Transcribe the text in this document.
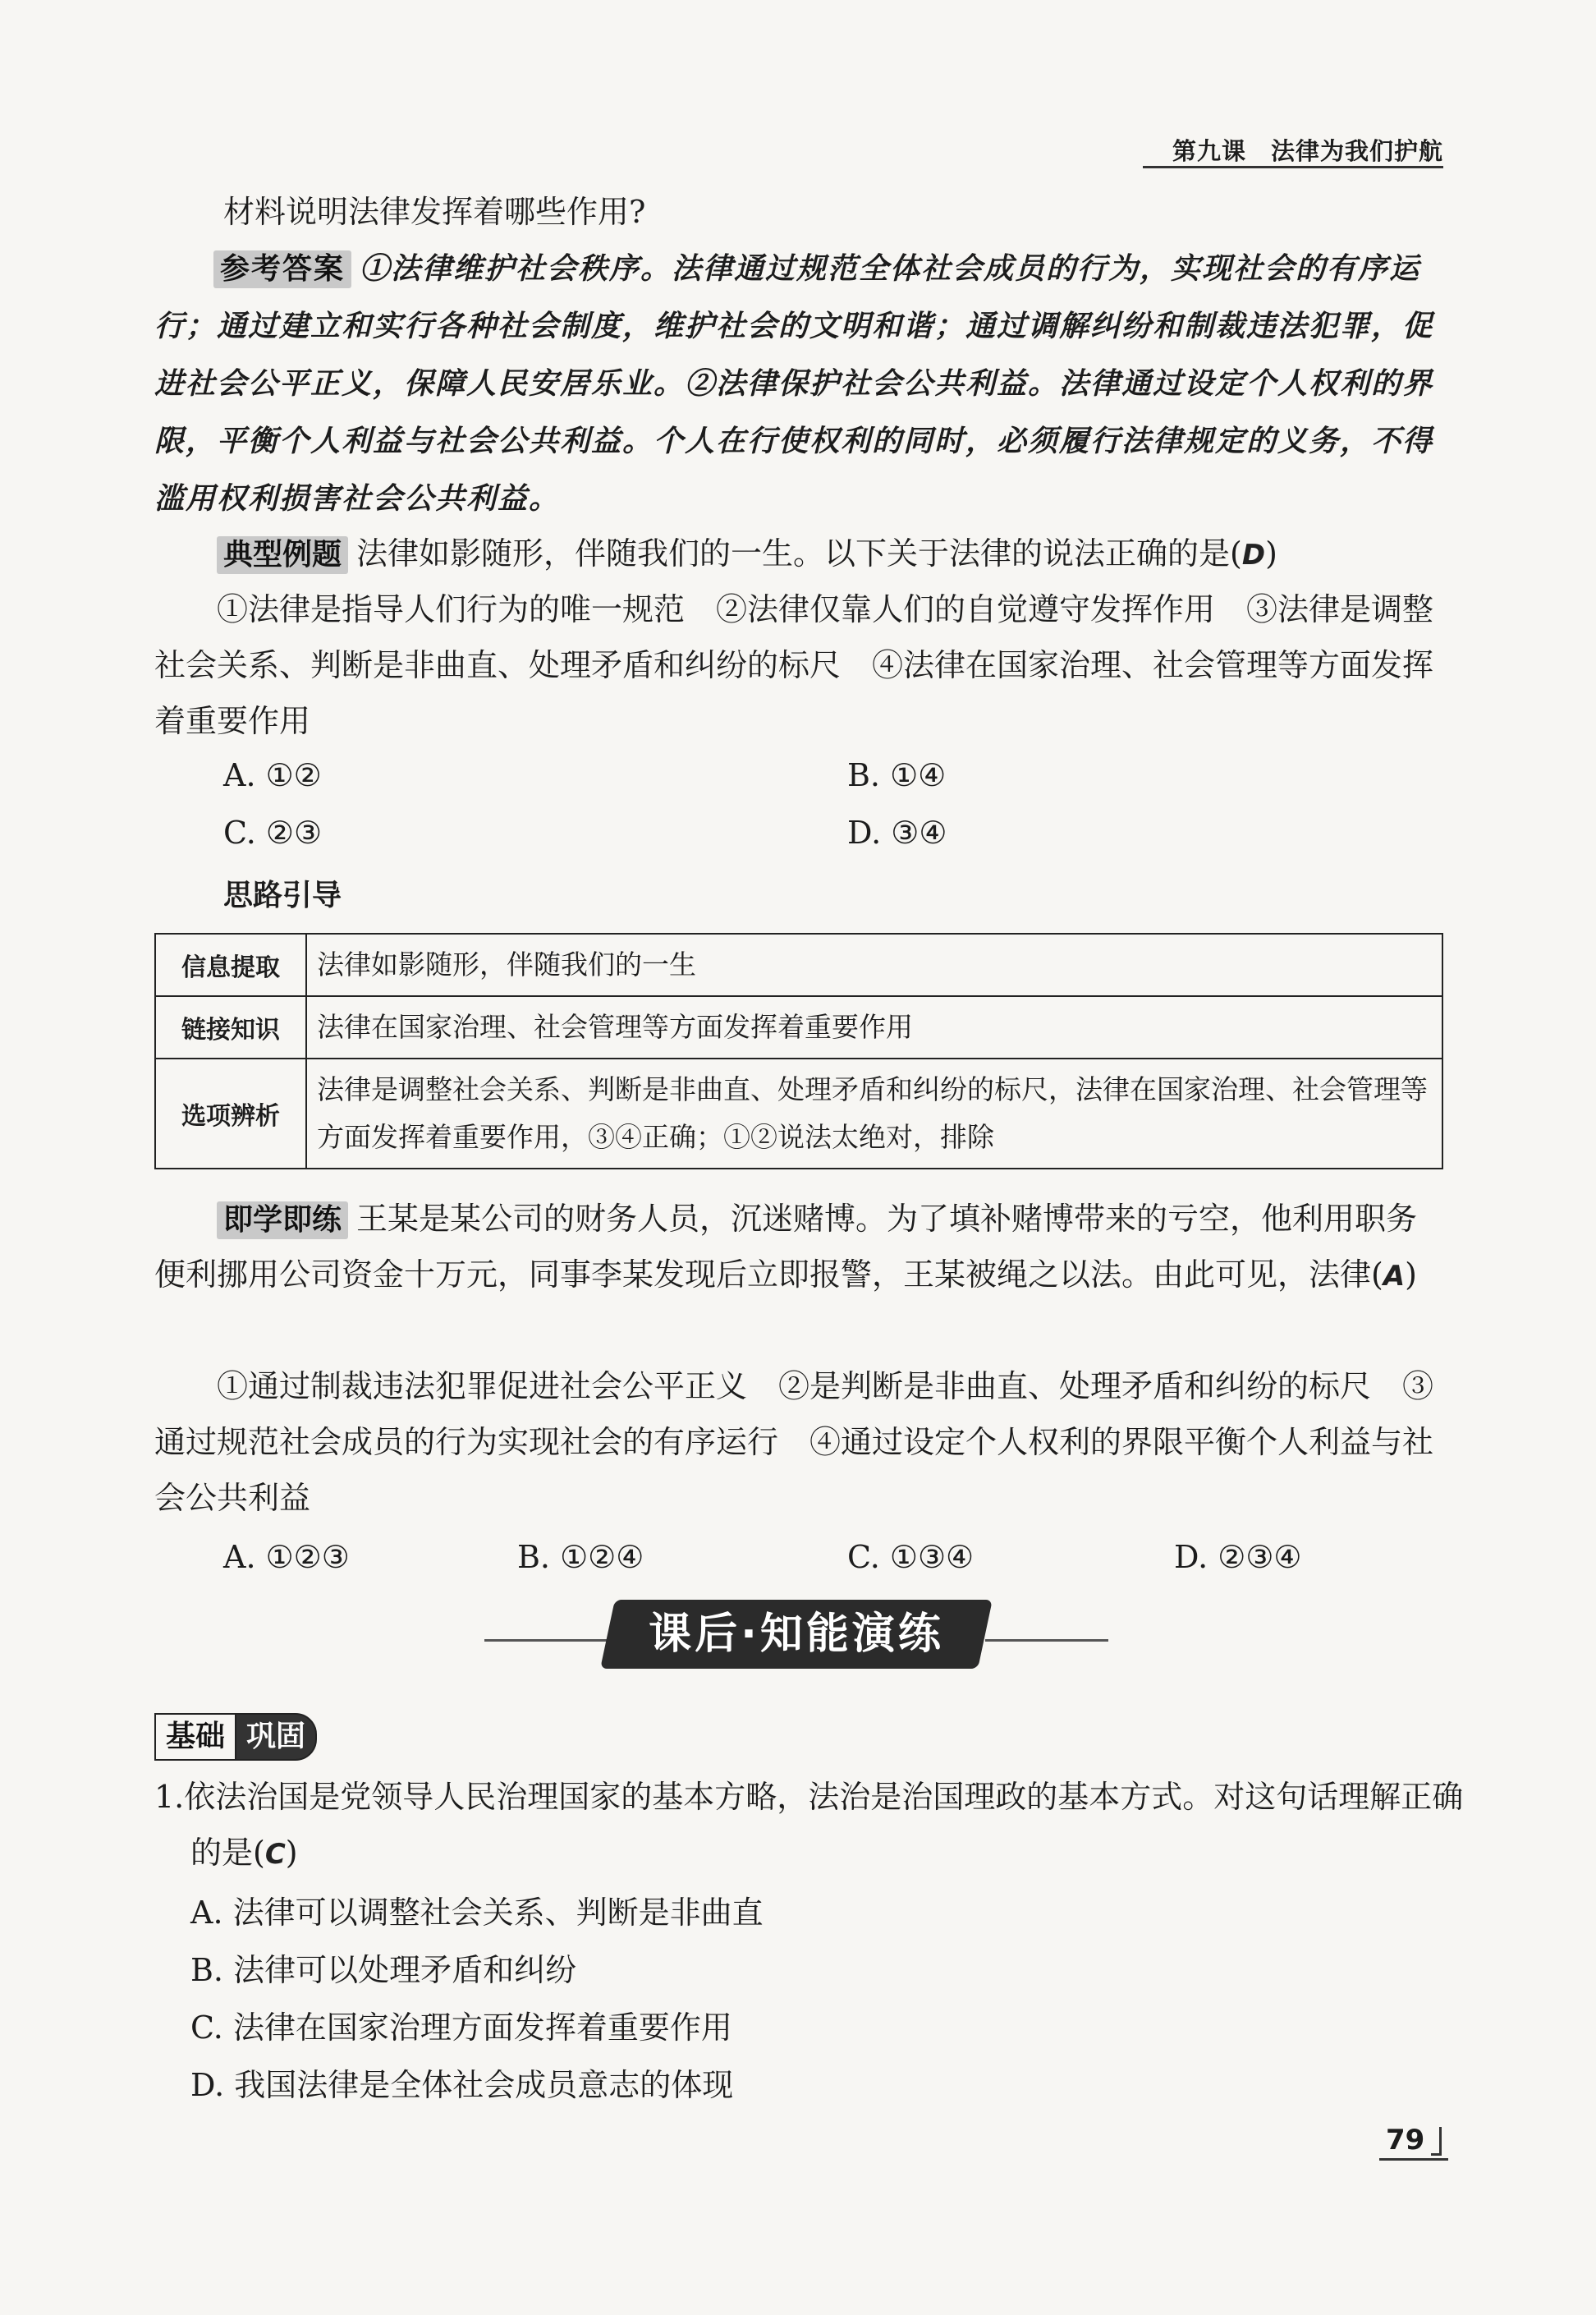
第九课　法律为我们护航
材料说明法律发挥着哪些作用?
参考答案 ①法律维护社会秩序。法律通过规范全体社会成员的行为，实现社会的有序运行；通过建立和实行各种社会制度，维护社会的文明和谐；通过调解纠纷和制裁违法犯罪，促进社会公平正义，保障人民安居乐业。②法律保护社会公共利益。法律通过设定个人权利的界限，平衡个人利益与社会公共利益。个人在行使权利的同时，必须履行法律规定的义务，不得滥用权利损害社会公共利益。
典型例题 法律如影随形，伴随我们的一生。以下关于法律的说法正确的是(D)
①法律是指导人们行为的唯一规范　②法律仅靠人们的自觉遵守发挥作用　③法律是调整社会关系、判断是非曲直、处理矛盾和纠纷的标尺　④法律在国家治理、社会管理等方面发挥着重要作用
A. ①②	B. ①④
C. ②③	D. ③④
思路引导
信息提取	法律如影随形，伴随我们的一生
链接知识	法律在国家治理、社会管理等方面发挥着重要作用
选项辨析	法律是调整社会关系、判断是非曲直、处理矛盾和纠纷的标尺，法律在国家治理、社会管理等方面发挥着重要作用，③④正确；①②说法太绝对，排除
即学即练 王某是某公司的财务人员，沉迷赌博。为了填补赌博带来的亏空，他利用职务便利挪用公司资金十万元，同事李某发现后立即报警，王某被绳之以法。由此可见，法律(A)
①通过制裁违法犯罪促进社会公平正义　②是判断是非曲直、处理矛盾和纠纷的标尺　③通过规范社会成员的行为实现社会的有序运行　④通过设定个人权利的界限平衡个人利益与社会公共利益
A. ①②③	B. ①②④	C. ①③④	D. ②③④
课后·知能演练
基础 巩固
1.依法治国是党领导人民治理国家的基本方略，法治是治国理政的基本方式。对这句话理解正确的是(C)
A. 法律可以调整社会关系、判断是非曲直
B. 法律可以处理矛盾和纠纷
C. 法律在国家治理方面发挥着重要作用
D. 我国法律是全体社会成员意志的体现
79
